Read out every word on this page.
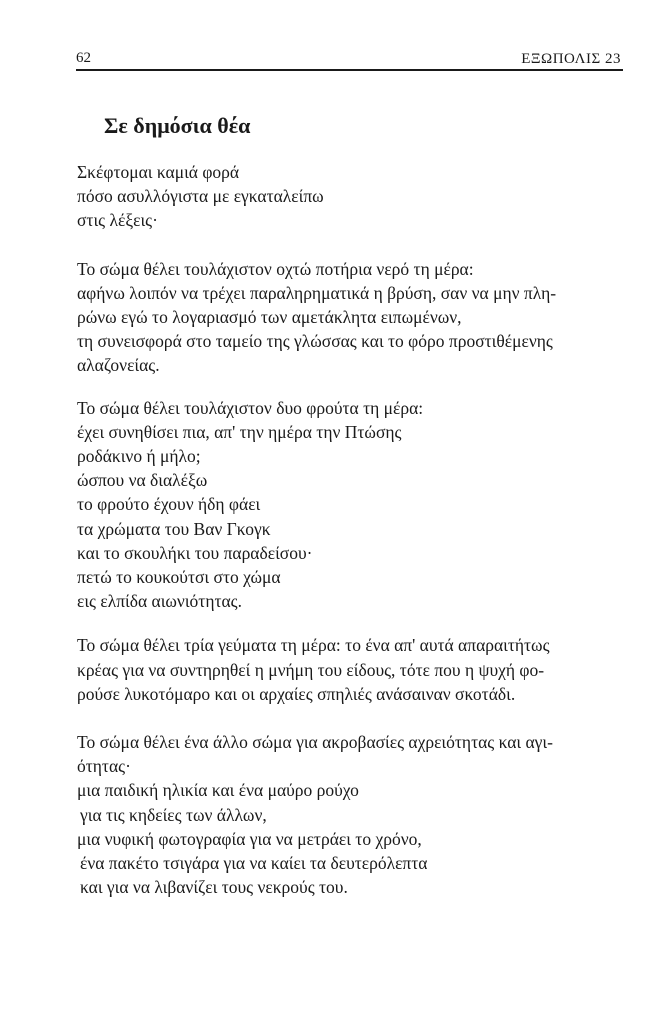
62	ΕΞΩΠΟΛΙΣ 23
Σε δημόσια θέα
Σκέφτομαι καμιά φορά
πόσο ασυλλόγιστα με εγκαταλείπω
στις λέξεις·
Το σώμα θέλει τουλάχιστον οχτώ ποτήρια νερό τη μέρα:
αφήνω λοιπόν να τρέχει παραληρηματικά η βρύση, σαν να μην πλη-
ρώνω εγώ το λογαριασμό των αμετάκλητα ειπωμένων,
τη συνεισφορά στο ταμείο της γλώσσας και το φόρο προστιθέμενης
αλαζονείας.
Το σώμα θέλει τουλάχιστον δυο φρούτα τη μέρα:
έχει συνηθίσει πια, απ' την ημέρα την Πτώσης
ροδάκινο ή μήλο;
ώσπου να διαλέξω
το φρούτο έχουν ήδη φάει
τα χρώματα του Βαν Γκογκ
και το σκουλήκι του παραδείσου·
πετώ το κουκούτσι στο χώμα
εις ελπίδα αιωνιότητας.
Το σώμα θέλει τρία γεύματα τη μέρα: το ένα απ' αυτά απαραιτήτως
κρέας για να συντηρηθεί η μνήμη του είδους, τότε που η ψυχή φο-
ρούσε λυκοτόμαρο και οι αρχαίες σπηλιές ανάσαιναν σκοτάδι.
Το σώμα θέλει ένα άλλο σώμα για ακροβασίες αχρειότητας και αγι-
ότητας·
μια παιδική ηλικία και ένα μαύρο ρούχο
για τις κηδείες των άλλων,
μια νυφική φωτογραφία για να μετράει το χρόνο,
ένα πακέτο τσιγάρα για να καίει τα δευτερόλεπτα
και για να λιβανίζει τους νεκρούς του.
